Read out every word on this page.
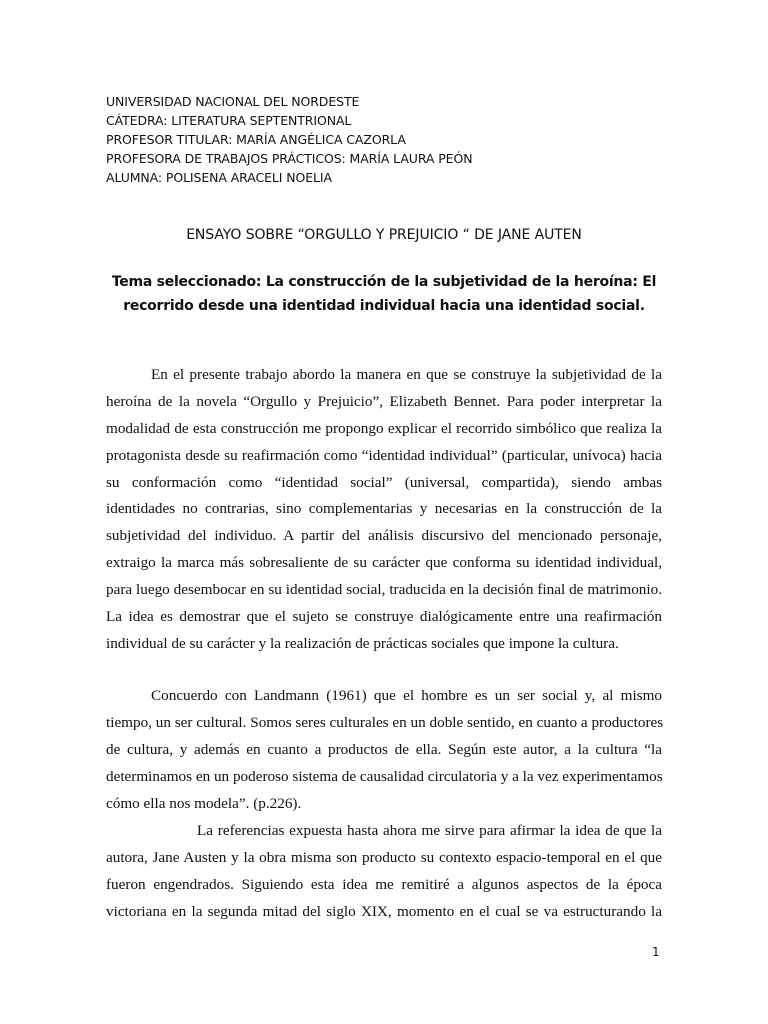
UNIVERSIDAD NACIONAL DEL NORDESTE
CÁTEDRA: LITERATURA SEPTENTRIONAL
PROFESOR TITULAR: MARÍA ANGÉLICA CAZORLA
PROFESORA DE TRABAJOS PRÁCTICOS: MARÍA LAURA PEÓN
ALUMNA: POLISENA ARACELI NOELIA
ENSAYO SOBRE “ORGULLO Y PREJUICIO “ DE JANE AUTEN
Tema seleccionado: La construcción de la subjetividad de la heroína: El
recorrido desde una identidad individual hacia una identidad social.
En el presente trabajo abordo la manera en que se construye la subjetividad de la
heroína de la novela “Orgullo y Prejuicio”, Elizabeth Bennet. Para poder interpretar la
modalidad de esta construcción me propongo explicar el recorrido simbólico que realiza la
protagonista desde su reafirmación como “identidad individual” (particular, unívoca) hacia
su conformación como “identidad social” (universal, compartida), siendo ambas
identidades no contrarias, sino complementarias y necesarias en la construcción de la
subjetividad del individuo. A partir del análisis discursivo del mencionado personaje,
extraigo la marca más sobresaliente de su carácter que conforma su identidad individual,
para luego desembocar en su identidad social, traducida en la decisión final de matrimonio.
La idea es demostrar que el sujeto se construye dialógicamente entre una reafirmación
individual de su carácter y la realización de prácticas sociales que impone la cultura.
Concuerdo con Landmann (1961) que el hombre es un ser social y, al mismo
tiempo, un ser cultural. Somos seres culturales en un doble sentido, en cuanto a productores
de cultura, y además en cuanto a productos de ella. Según este autor, a la cultura “la
determinamos en un poderoso sistema de causalidad circulatoria y a la vez experimentamos
cómo ella nos modela”. (p.226).
La referencias expuesta hasta ahora me sirve para afirmar la idea de que la
autora, Jane Austen y la obra misma son producto su contexto espacio-temporal en el que
fueron engendrados. Siguiendo esta idea me remitiré a algunos aspectos de la época
victoriana en la segunda mitad del siglo XIX, momento en el cual se va estructurando la
1
